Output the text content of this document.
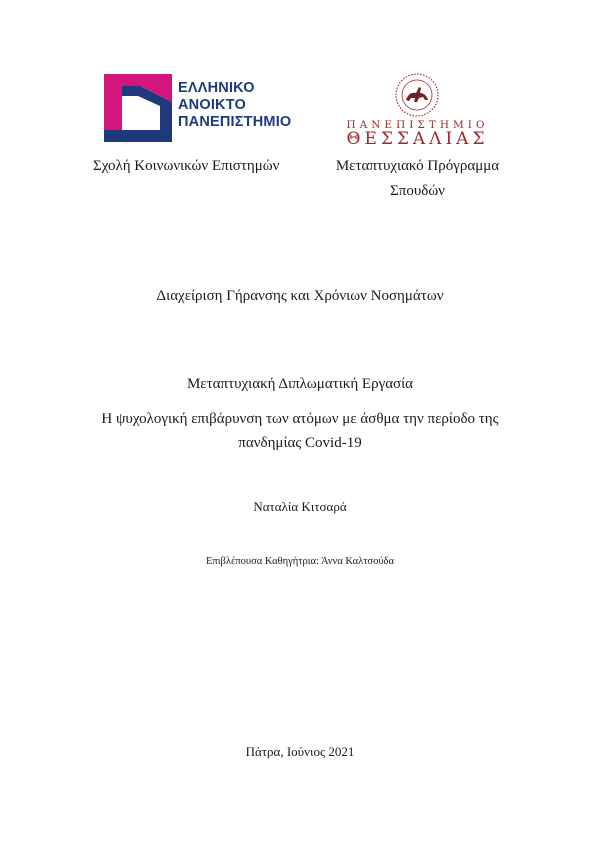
ΕΛΛΗΝΙΚΟ
ΑΝΟΙΚΤΟ
ΠΑΝΕΠΙΣΤΗΜΙΟ	ΠΑΝΕΠΙΣΤΗΜΙΟ
ΘΕΣΣΑΛΙΑΣ
Σχολή Κοινωνικών Επιστημών	Μεταπτυχιακό Πρόγραμμα
Σπουδών
Διαχείριση Γήρανσης και Χρόνιων Νοσημάτων
Μεταπτυχιακή Διπλωματική Εργασία
Η ψυχολογική επιβάρυνση των ατόμων με άσθμα την περίοδο της
πανδημίας Covid-19
Ναταλία Κιτσαρά
Επιβλέπουσα Καθηγήτρια: Άννα Καλτσούδα
Πάτρα, Ιούνιος 2021
